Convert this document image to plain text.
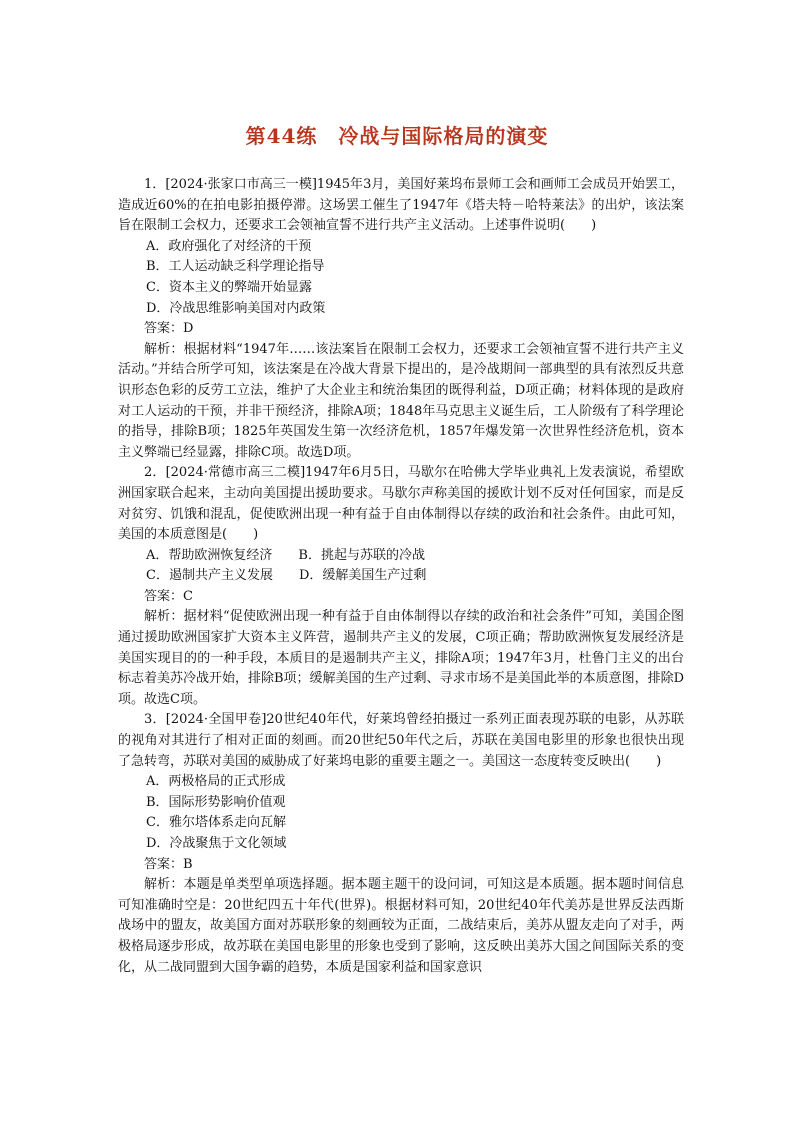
第44练　冷战与国际格局的演变

1．[2024·张家口市高三一模]1945年3月，美国好莱坞布景师工会和画师工会成员开始罢工，造成近60%的在拍电影拍摄停滞。这场罢工催生了1947年《塔夫特－哈特莱法》的出炉，该法案旨在限制工会权力，还要求工会领袖宣誓不进行共产主义活动。上述事件说明(　　)

A．政府强化了对经济的干预

B．工人运动缺乏科学理论指导

C．资本主义的弊端开始显露

D．冷战思维影响美国对内政策

答案：D

解析：根据材料“1947年……该法案旨在限制工会权力，还要求工会领袖宣誓不进行共产主义活动。”并结合所学可知，该法案是在冷战大背景下提出的，是冷战期间一部典型的具有浓烈反共意识形态色彩的反劳工立法，维护了大企业主和统治集团的既得利益，D项正确；材料体现的是政府对工人运动的干预，并非干预经济，排除A项；1848年马克思主义诞生后，工人阶级有了科学理论的指导，排除B项；1825年英国发生第一次经济危机，1857年爆发第一次世界性经济危机，资本主义弊端已经显露，排除C项。故选D项。

2．[2024·常德市高三二模]1947年6月5日，马歇尔在哈佛大学毕业典礼上发表演说，希望欧洲国家联合起来，主动向美国提出援助要求。马歇尔声称美国的援欧计划不反对任何国家，而是反对贫穷、饥饿和混乱，促使欧洲出现一种有益于自由体制得以存续的政治和社会条件。由此可知，美国的本质意图是(　　)

A．帮助欧洲恢复经济　　B．挑起与苏联的冷战

C．遏制共产主义发展　　D．缓解美国生产过剩

答案：C

解析：据材料“促使欧洲出现一种有益于自由体制得以存续的政治和社会条件”可知，美国企图通过援助欧洲国家扩大资本主义阵营，遏制共产主义的发展，C项正确；帮助欧洲恢复发展经济是美国实现目的的一种手段，本质目的是遏制共产主义，排除A项；1947年3月，杜鲁门主义的出台标志着美苏冷战开始，排除B项；缓解美国的生产过剩、寻求市场不是美国此举的本质意图，排除D项。故选C项。

3．[2024·全国甲卷]20世纪40年代，好莱坞曾经拍摄过一系列正面表现苏联的电影，从苏联的视角对其进行了相对正面的刻画。而20世纪50年代之后，苏联在美国电影里的形象也很快出现了急转弯，苏联对美国的威胁成了好莱坞电影的重要主题之一。美国这一态度转变反映出(　　)

A．两极格局的正式形成

B．国际形势影响价值观

C．雅尔塔体系走向瓦解

D．冷战聚焦于文化领域

答案：B

解析：本题是单类型单项选择题。据本题主题干的设问词，可知这是本质题。据本题时间信息可知准确时空是：20世纪四五十年代(世界)。根据材料可知，20世纪40年代美苏是世界反法西斯战场中的盟友，故美国方面对苏联形象的刻画较为正面，二战结束后，美苏从盟友走向了对手，两极格局逐步形成，故苏联在美国电影里的形象也受到了影响，这反映出美苏大国之间国际关系的变化，从二战同盟到大国争霸的趋势，本质是国家利益和国家意识
